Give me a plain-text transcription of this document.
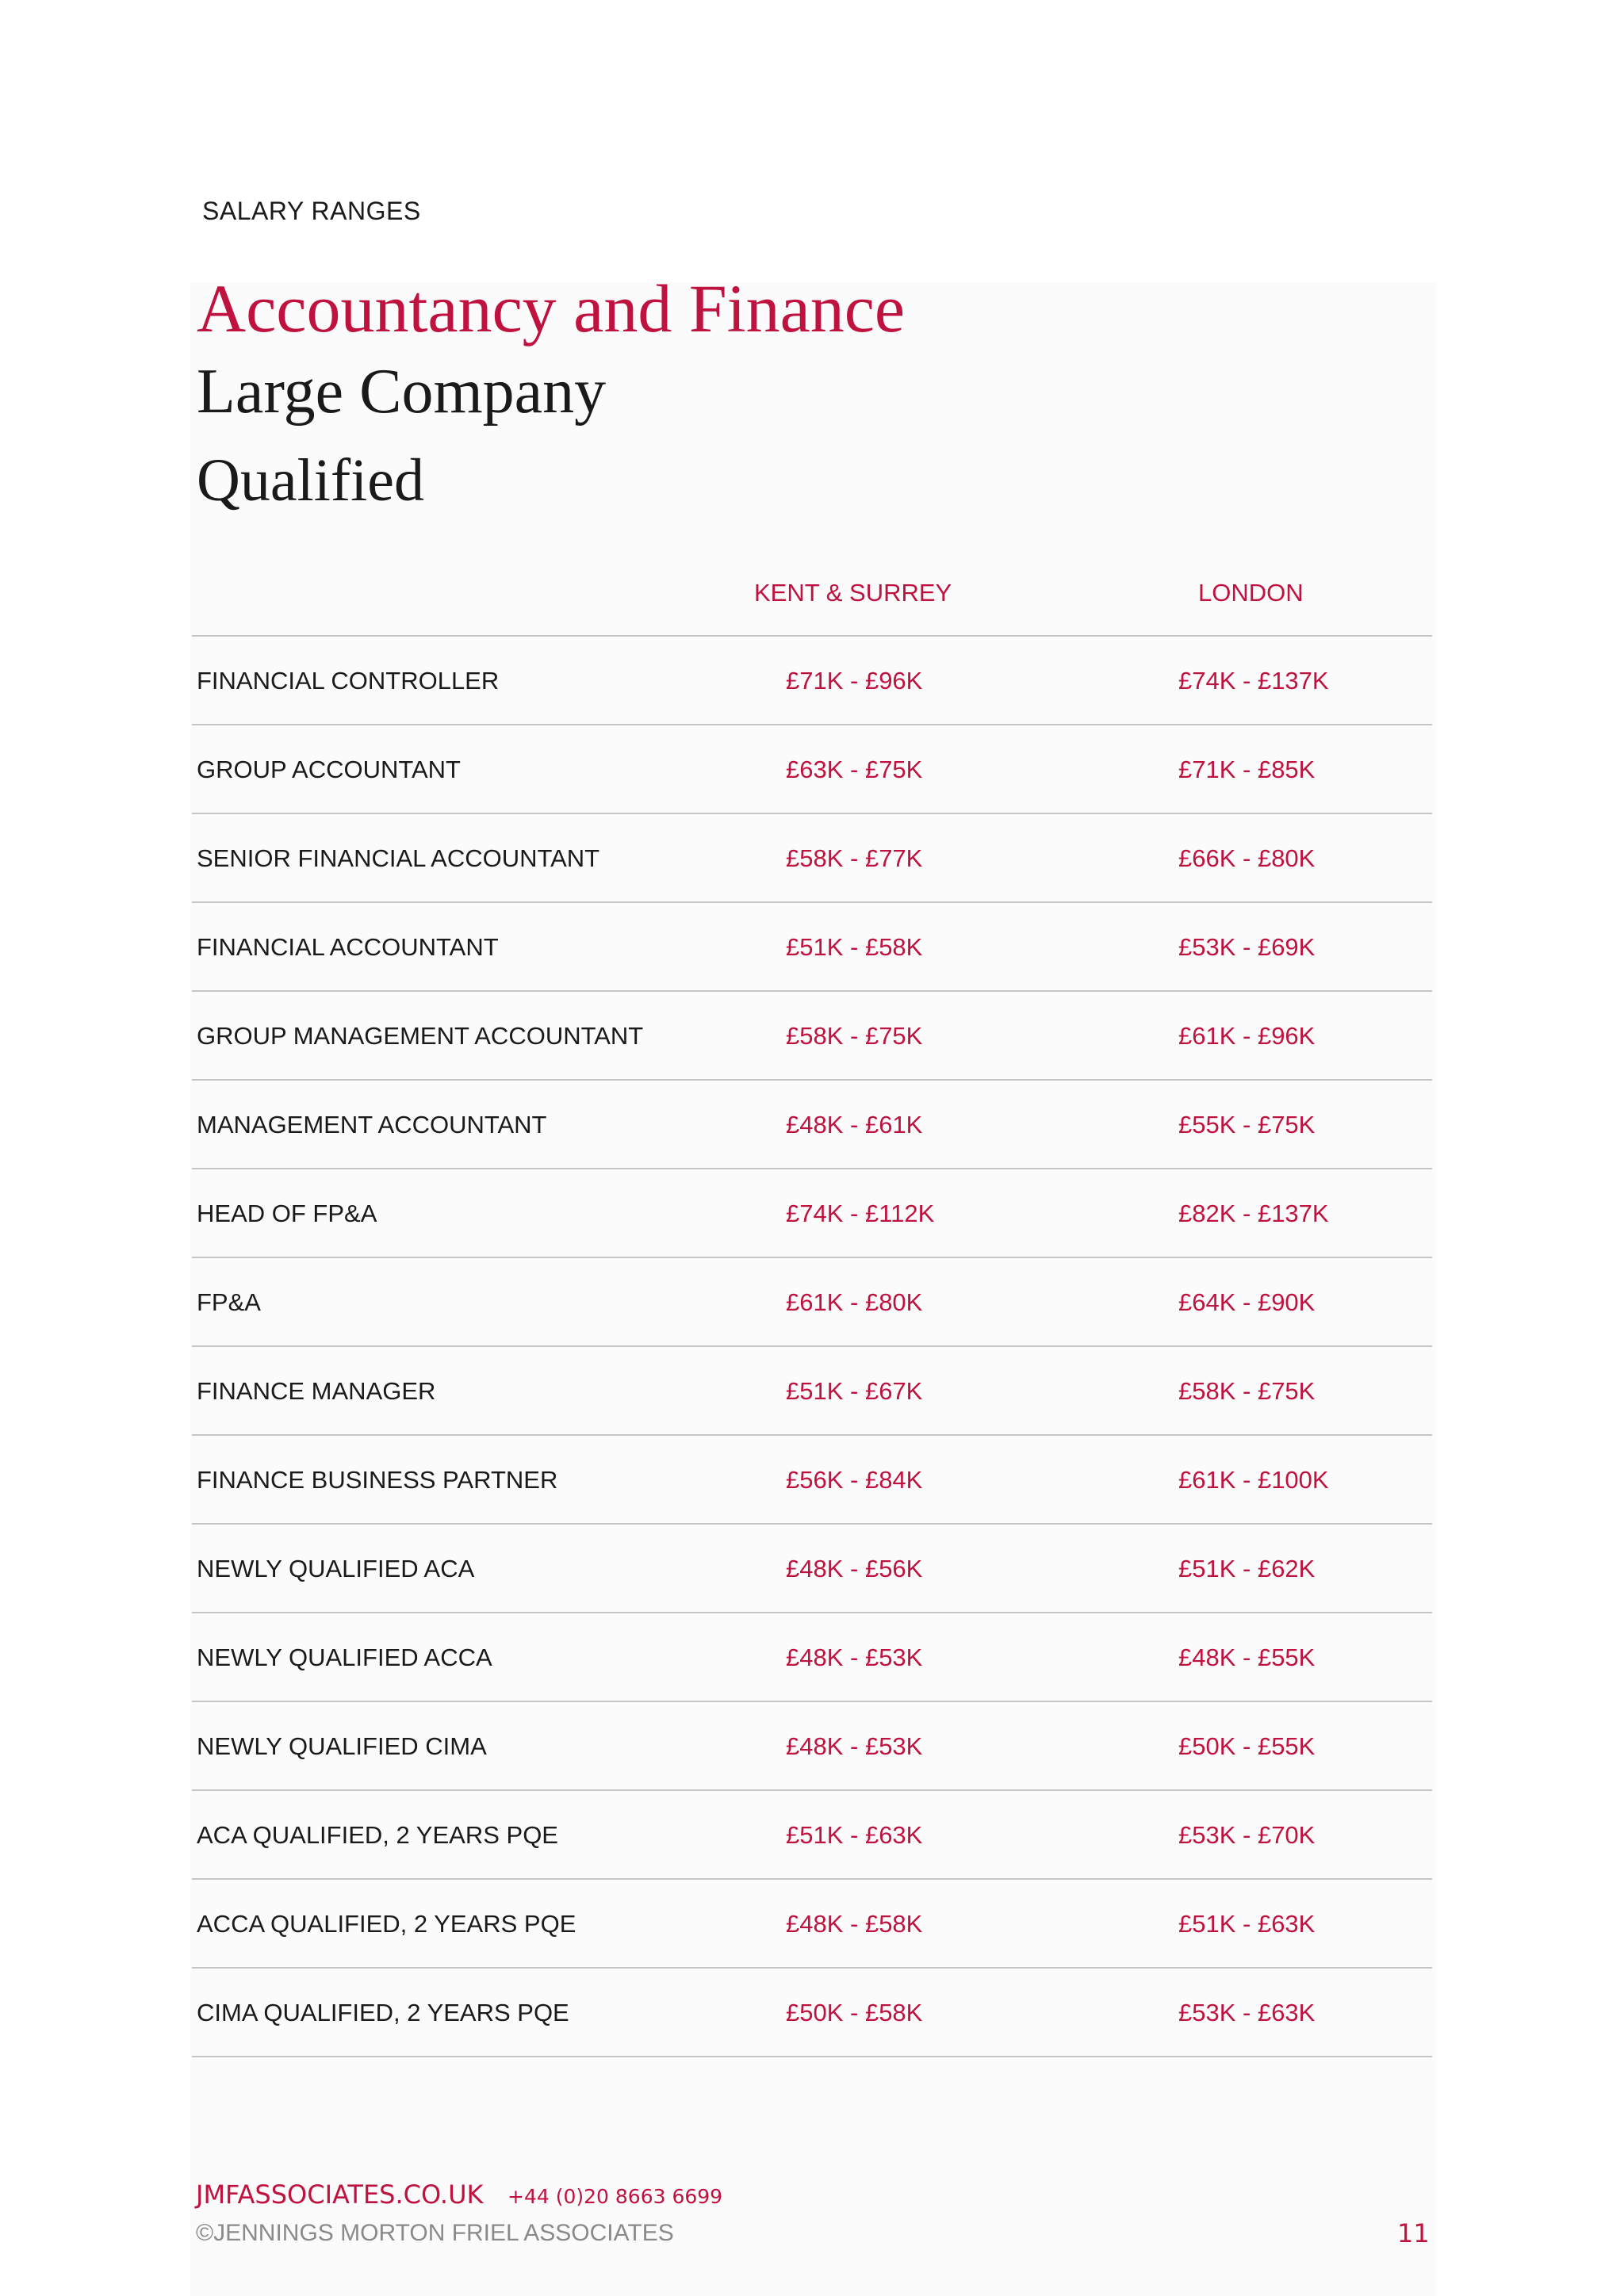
SALARY RANGES
Accountancy and Finance
Large Company
Qualified
KENT & SURREY	LONDON
FINANCIAL CONTROLLER	£71K - £96K	£74K - £137K
GROUP ACCOUNTANT	£63K - £75K	£71K - £85K
SENIOR FINANCIAL ACCOUNTANT	£58K - £77K	£66K - £80K
FINANCIAL ACCOUNTANT	£51K - £58K	£53K - £69K
GROUP MANAGEMENT ACCOUNTANT	£58K - £75K	£61K - £96K
MANAGEMENT ACCOUNTANT	£48K - £61K	£55K - £75K
HEAD OF FP&A	£74K - £112K	£82K - £137K
FP&A	£61K - £80K	£64K - £90K
FINANCE MANAGER	£51K - £67K	£58K - £75K
FINANCE BUSINESS PARTNER	£56K - £84K	£61K - £100K
NEWLY QUALIFIED ACA	£48K - £56K	£51K - £62K
NEWLY QUALIFIED ACCA	£48K - £53K	£48K - £55K
NEWLY QUALIFIED CIMA	£48K - £53K	£50K - £55K
ACA QUALIFIED, 2 YEARS PQE	£51K - £63K	£53K - £70K
ACCA QUALIFIED, 2 YEARS PQE	£48K - £58K	£51K - £63K
CIMA QUALIFIED, 2 YEARS PQE	£50K - £58K	£53K - £63K
JMFASSOCIATES.CO.UK +44 (0)20 8663 6699
©JENNINGS MORTON FRIEL ASSOCIATES	11
